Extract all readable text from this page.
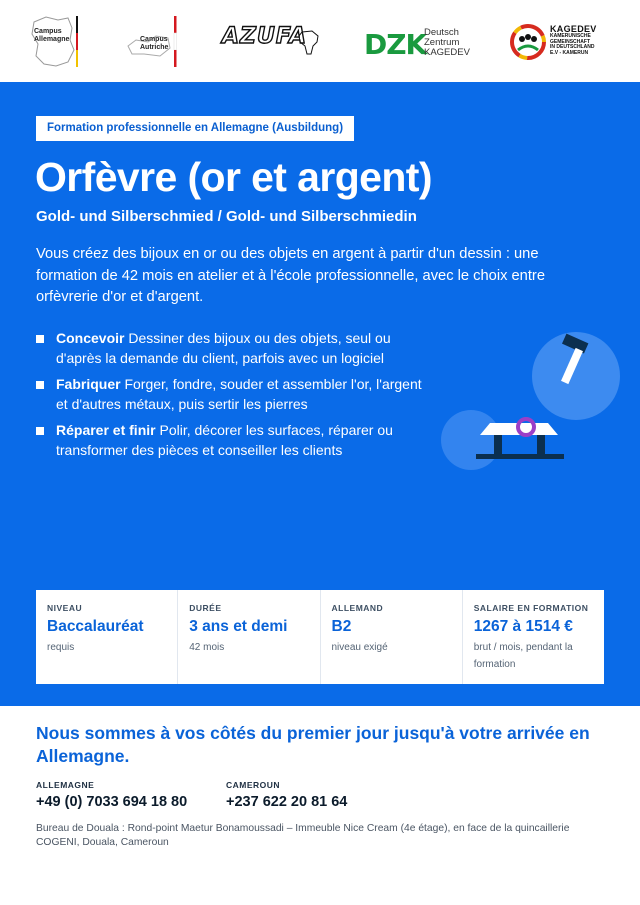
Campus
Allemagne	Campus
Autriche AZUFA DZK
Deutsch
Zentrum
KAGEDEV
KAGEDEV
KAMERUNISCHE
GEMEINSCHAFT
IN DEUTSCHLAND
E.V - KAMERUN
Formation professionnelle en Allemagne (Ausbildung)
Orfèvre (or et argent)
Gold- und Silberschmied / Gold- und Silberschmiedin

Vous créez des bijoux en or ou des objets en argent à partir d'un dessin : une formation de 42 mois en atelier et à l'école professionnelle, avec le choix entre orfèvrerie d'or et d'argent.

Concevoir Dessiner des bijoux ou des objets, seul ou d'après la demande du client, parfois avec un logiciel
Fabriquer Forger, fondre, souder et assembler l'or, l'argent et d'autres métaux, puis sertir les pierres
Réparer et finir Polir, décorer les surfaces, réparer ou transformer des pièces et conseiller les clients
NIVEAU
Baccalauréat
requis
DURÉE
3 ans et demi
42 mois
ALLEMAND
B2
niveau exigé
SALAIRE EN FORMATION
1267 à 1514 €
brut / mois, pendant la formation
Nous sommes à vos côtés du premier jour jusqu'à votre arrivée en Allemagne.
ALLEMAGNE
+49 (0) 7033 694 18 80
CAMEROUN
+237 622 20 81 64

Bureau de Douala : Rond-point Maetur Bonamoussadi – Immeuble Nice Cream (4e étage), en face de la quincaillerie COGENI, Douala, Cameroun
